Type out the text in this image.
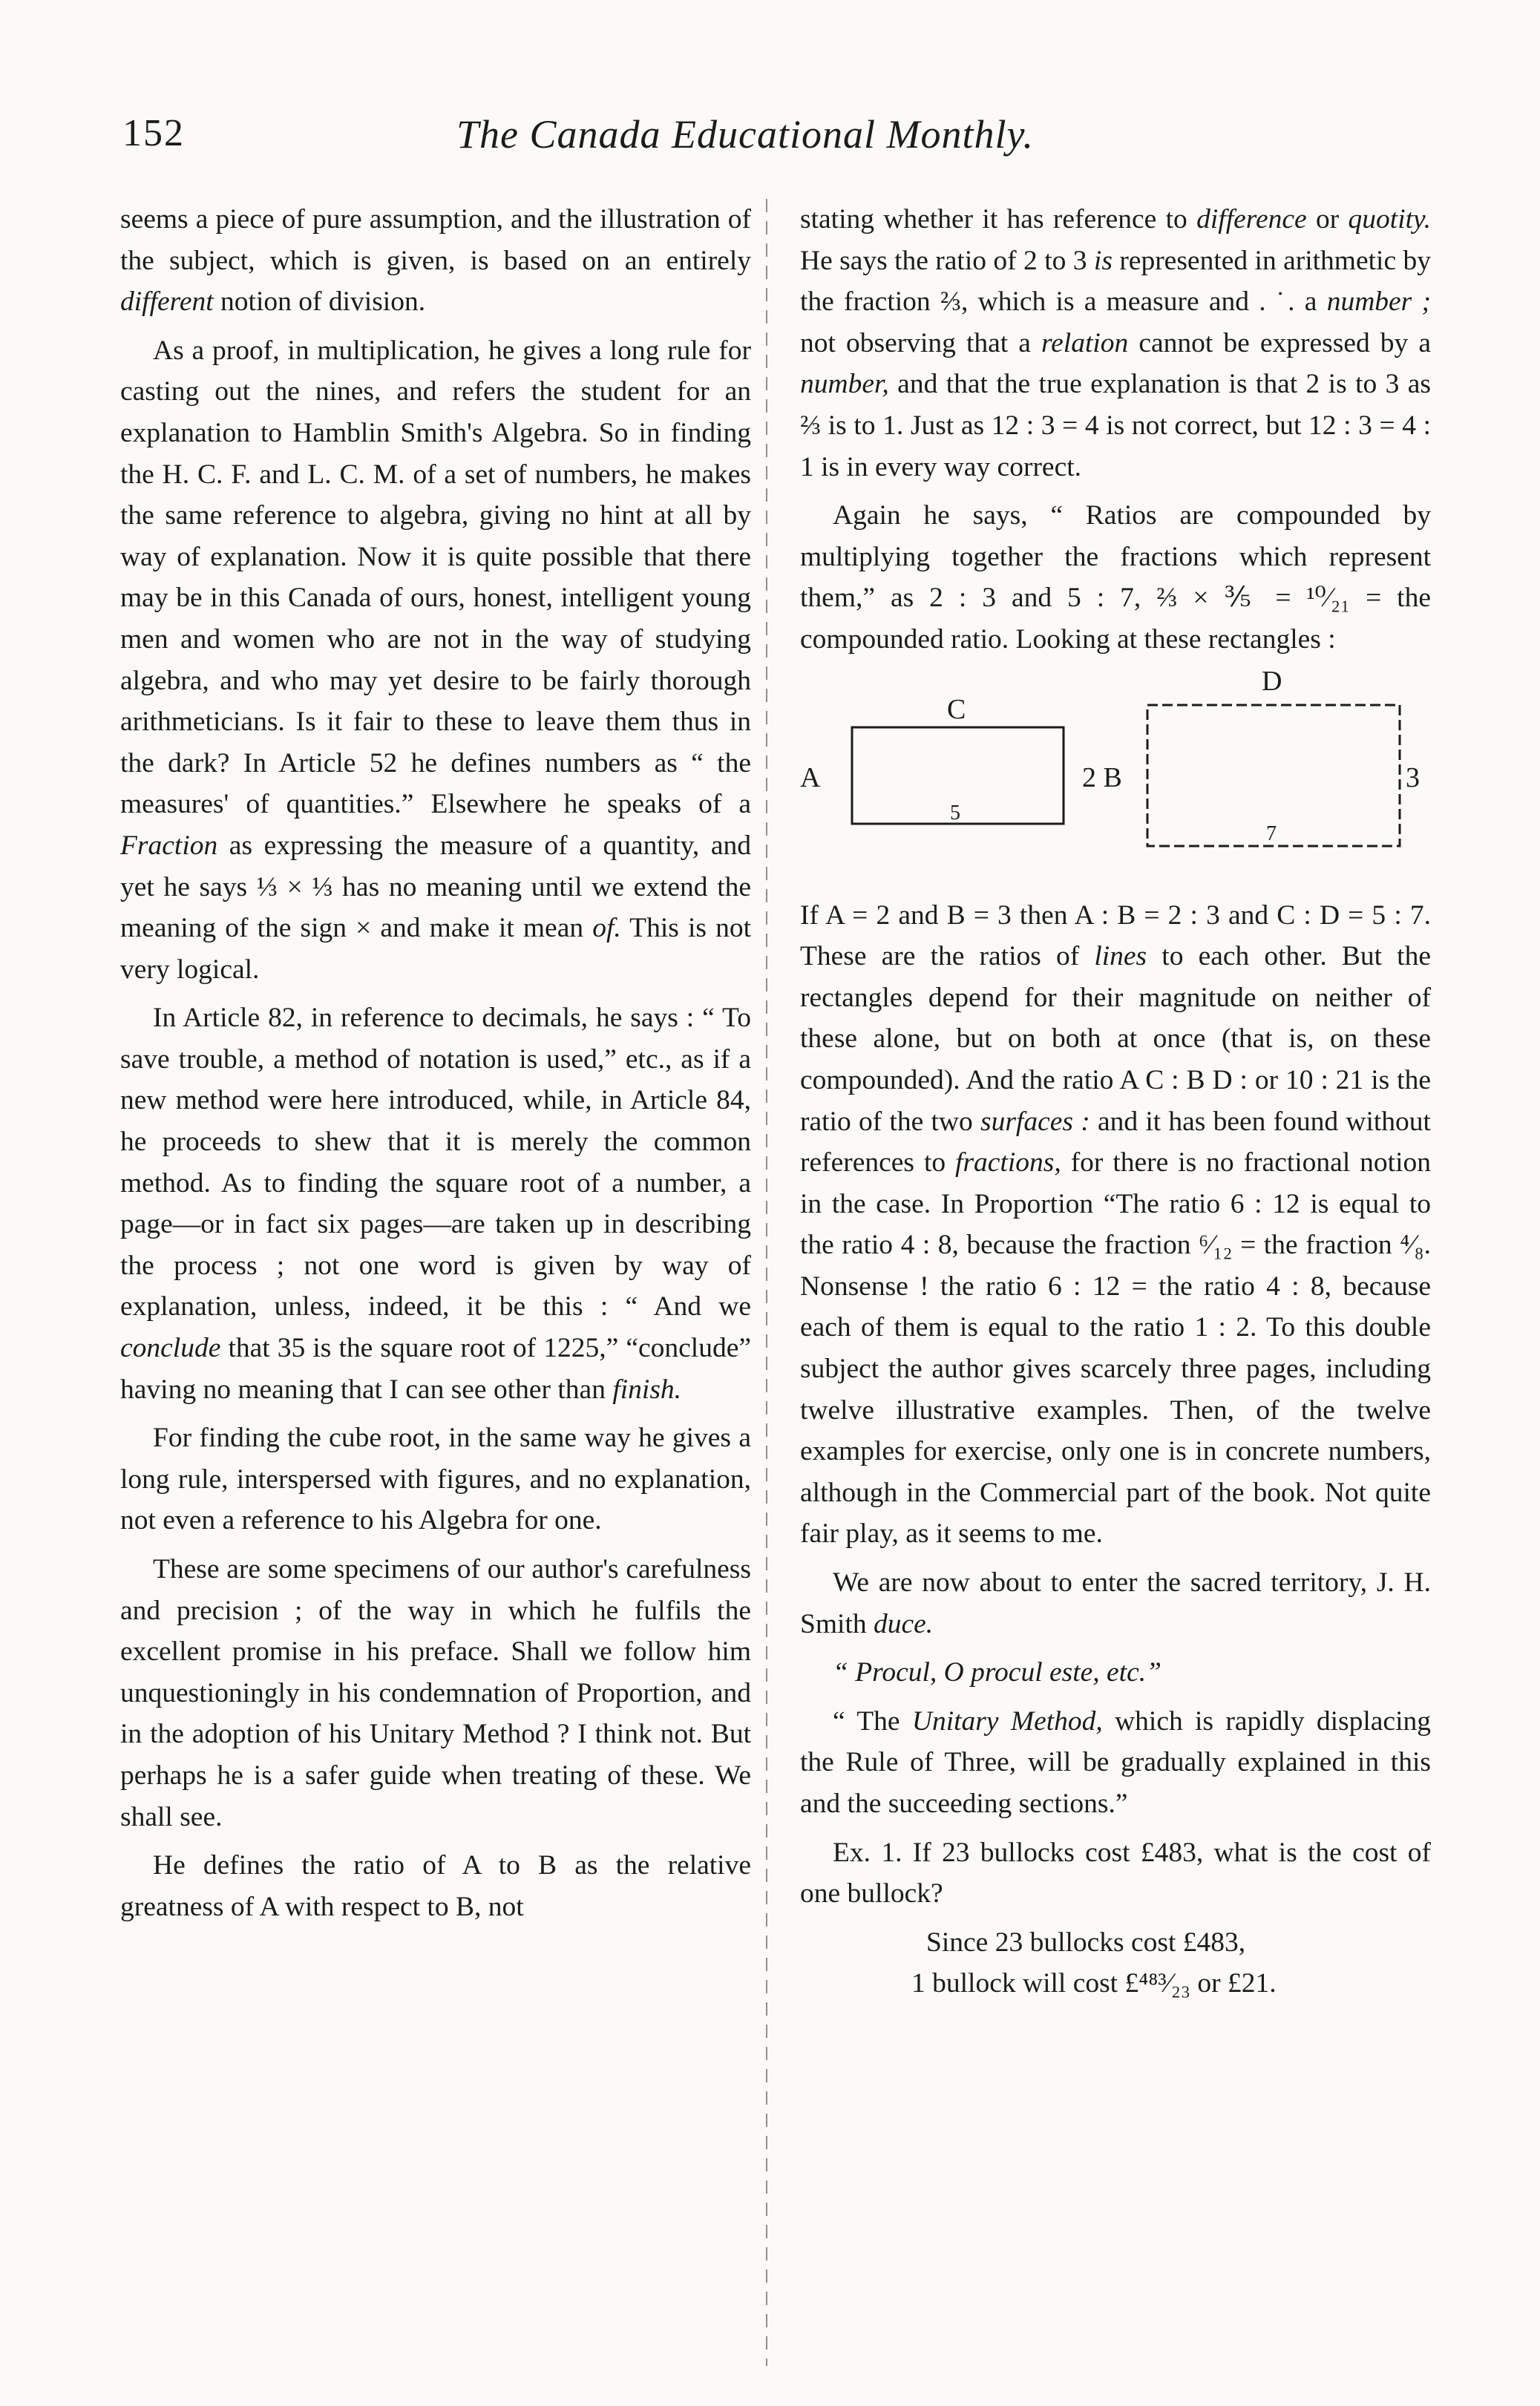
152	The Canada Educational Monthly.

seems a piece of pure assumption, and the illustration of the subject, which is given, is based on an entirely different notion of division.

As a proof, in multiplication, he gives a long rule for casting out the nines, and refers the student for an explanation to Hamblin Smith's Algebra. So in finding the H. C. F. and L. C. M. of a set of numbers, he makes the same reference to algebra, giving no hint at all by way of explanation. Now it is quite possible that there may be in this Canada of ours, honest, intelligent young men and women who are not in the way of studying algebra, and who may yet desire to be fairly thorough arithmeticians. Is it fair to these to leave them thus in the dark? In Article 52 he defines numbers as “ the measures' of quantities.” Elsewhere he speaks of a Fraction as expressing the measure of a quantity, and yet he says ⅓ × ⅓ has no meaning until we extend the meaning of the sign × and make it mean of. This is not very logical.

In Article 82, in reference to decimals, he says : “ To save trouble, a method of notation is used,” etc., as if a new method were here introduced, while, in Article 84, he proceeds to shew that it is merely the common method. As to finding the square root of a number, a page—or in fact six pages—are taken up in describing the process ; not one word is given by way of explanation, unless, indeed, it be this : “ And we conclude that 35 is the square root of 1225,” “conclude” having no meaning that I can see other than finish.

For finding the cube root, in the same way he gives a long rule, interspersed with figures, and no explanation, not even a reference to his Algebra for one.

These are some specimens of our author's carefulness and precision ; of the way in which he fulfils the excellent promise in his preface. Shall we follow him unquestioningly in his condemnation of Proportion, and in the adoption of his Unitary Method ? I think not. But perhaps he is a safer guide when treating of these. We shall see.

He defines the ratio of A to B as the relative greatness of A with respect to B, not

stating whether it has reference to difference or quotity. He says the ratio of 2 to 3 is represented in arithmetic by the fraction ⅔, which is a measure and . ˙. a number ; not observing that a relation cannot be expressed by a number, and that the true explanation is that 2 is to 3 as ⅔ is to 1. Just as 12 : 3 = 4 is not correct, but 12 : 3 = 4 : 1 is in every way correct.

Again he says, “ Ratios are compounded by multiplying together the fractions which represent them,” as 2 : 3 and 5 : 7, ⅔ × ⅗ = ¹⁰⁄₂₁ = the compounded ratio. Looking at these rectangles :

A
C
5
2 B
D
7
3

If A = 2 and B = 3 then A : B = 2 : 3 and C : D = 5 : 7. These are the ratios of lines to each other. But the rectangles depend for their magnitude on neither of these alone, but on both at once (that is, on these compounded). And the ratio A C : B D : or 10 : 21 is the ratio of the two surfaces : and it has been found without references to fractions, for there is no fractional notion in the case. In Proportion “The ratio 6 : 12 is equal to the ratio 4 : 8, because the fraction ⁶⁄₁₂ = the fraction ⁴⁄₈. Nonsense ! the ratio 6 : 12 = the ratio 4 : 8, because each of them is equal to the ratio 1 : 2. To this double subject the author gives scarcely three pages, including twelve illustrative examples. Then, of the twelve examples for exercise, only one is in concrete numbers, although in the Commercial part of the book. Not quite fair play, as it seems to me.

We are now about to enter the sacred territory, J. H. Smith duce.

“ Procul, O procul este, etc.”

“ The Unitary Method, which is rapidly displacing the Rule of Three, will be gradually explained in this and the succeeding sections.”

Ex. 1. If 23 bullocks cost £483, what is the cost of one bullock?

Since 23 bullocks cost £483,

1 bullock will cost £⁴⁸³⁄₂₃ or £21.
